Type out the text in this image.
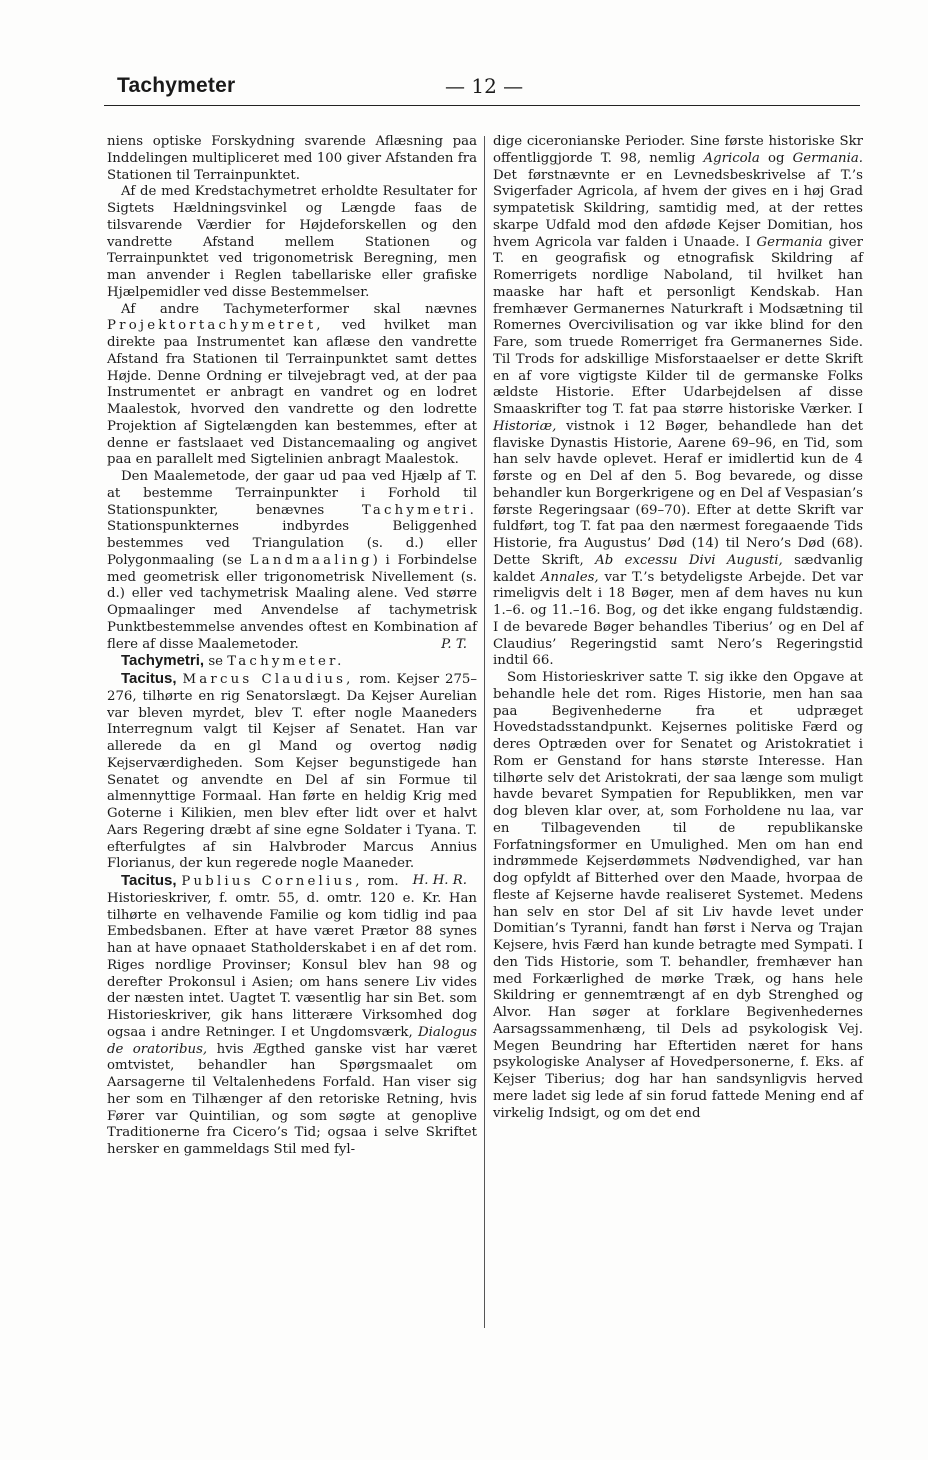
Tachymeter	— 12 —

niens optiske Forskydning svarende Aflæsning paa Inddelingen multipliceret med 100 giver Afstanden fra Stationen til Terrainpunktet.

Af de med Kredstachymetret erholdte Resultater for Sigtets Hældningsvinkel og Længde faas de tilsvarende Værdier for Højdeforskellen og den vandrette Afstand mellem Stationen og Terrainpunktet ved trigonometrisk Beregning, men man anvender i Reglen tabellariske eller grafiske Hjælpemidler ved disse Bestemmelser.

Af andre Tachymeterformer skal nævnes Projektortachymetret, ved hvilket man direkte paa Instrumentet kan aflæse den vandrette Afstand fra Stationen til Terrainpunktet samt dettes Højde. Denne Ordning er tilvejebragt ved, at der paa Instrumentet er anbragt en vandret og en lodret Maalestok, hvorved den vandrette og den lodrette Projektion af Sigtelængden kan bestemmes, efter at denne er fastslaaet ved Distancemaaling og angivet paa en parallelt med Sigtelinien anbragt Maalestok.

Den Maalemetode, der gaar ud paa ved Hjælp af T. at bestemme Terrainpunkter i Forhold til Stationspunkter, benævnes	Tachymetri. Stationspunkternes indbyrdes Beliggenhed bestemmes ved Triangulation (s. d.) eller Polygonmaaling (se Landmaaling) i Forbindelse med geometrisk eller trigonometrisk Nivellement (s. d.) eller ved tachymetrisk Maaling alene. Ved større Opmaalinger med Anvendelse af tachymetrisk Punktbestemmelse anvendes oftest en Kombination af flere af disse Maalemetoder.	P. T.

Tachymetri, se Tachymeter.

Tacitus, Marcus Claudius, rom. Kejser 275–276, tilhørte en rig Senatorslægt. Da Kejser Aurelian var bleven myrdet, blev T. efter nogle Maaneders Interregnum valgt til Kejser af Senatet. Han var allerede da en gl Mand og overtog nødig Kejserværdigheden. Som Kejser begunstigede han Senatet og anvendte en Del af sin Formue til almennyttige Formaal. Han førte en heldig Krig med Goterne i Kilikien, men blev efter lidt over et halvt Aars Regering dræbt af sine egne Soldater i Tyana. T. efterfulgtes af sin Halvbroder Marcus Annius Florianus, der kun regerede nogle Maaneder.
H. H. R.

Tacitus, Publius Cornelius, rom. Historieskriver, f. omtr. 55, d. omtr. 120 e. Kr. Han tilhørte en velhavende Familie og kom tidlig ind paa Embedsbanen. Efter at have været Prætor 88 synes han at have opnaaet Statholderskabet i en af det rom. Riges nordlige Provinser; Konsul blev han 98 og derefter Prokonsul i Asien; om hans senere Liv vides der næsten intet. Uagtet T. væsentlig har sin Bet. som Historieskriver, gik hans litterære Virksomhed dog ogsaa i andre Retninger. I et Ungdomsværk, Dialogus de oratoribus, hvis Ægthed ganske vist har været omtvistet, behandler han Spørgsmaalet om Aarsagerne til Veltalenhedens Forfald. Han viser sig her som en Tilhænger af den retoriske Retning, hvis Fører var Quintilian, og som søgte at genoplive Traditionerne fra Cicero’s Tid; ogsaa i selve Skriftet hersker en gammeldags Stil med fyl-

dige ciceronianske Perioder. Sine første historiske Skr offentliggjorde T. 98, nemlig Agricola og Germania. Det førstnævnte er en Levnedsbeskrivelse af T.’s Svigerfader Agricola, af hvem der gives en i høj Grad sympatetisk Skildring, samtidig med, at der rettes skarpe Udfald mod den afdøde Kejser Domitian, hos hvem Agricola var falden i Unaade. I Germania giver T. en geografisk og etnografisk Skildring af Romerrigets nordlige Naboland, til hvilket han maaske har haft et personligt Kendskab. Han fremhæver Germanernes Naturkraft i Modsætning til Romernes Overcivilisation og var ikke blind for den Fare, som truede Romerriget fra Germanernes Side. Til Trods for adskillige Misforstaaelser er dette Skrift en af vore vigtigste Kilder til de germanske Folks ældste Historie. Efter Udarbejdelsen af disse Smaaskrifter tog T. fat paa større historiske Værker. I Historiæ, vistnok i 12 Bøger, behandlede han det flaviske Dynastis Historie, Aarene 69–96, en Tid, som han selv havde oplevet. Heraf er imidlertid kun de 4 første og en Del af den 5. Bog bevarede, og disse behandler kun Borgerkrigene og en Del af Vespasian’s første Regeringsaar (69–70). Efter at dette Skrift var fuldført, tog T. fat paa den nærmest foregaaende Tids Historie, fra Augustus’ Død (14) til Nero’s Død (68). Dette Skrift, Ab excessu Divi Augusti, sædvanlig kaldet Annales, var T.’s betydeligste Arbejde. Det var rimeligvis delt i 18 Bøger, men af dem haves nu kun 1.–6. og 11.–16. Bog, og det ikke engang fuldstændig. I de bevarede Bøger behandles Tiberius’ og en Del af Claudius’ Regeringstid samt Nero’s Regeringstid indtil 66.

Som Historieskriver satte T. sig ikke den Opgave at behandle hele det rom. Riges Historie, men han saa paa Begivenhederne fra et udpræget Hovedstadsstandpunkt. Kejsernes politiske Færd og deres Optræden over for Senatet og Aristokratiet i Rom er Genstand for hans største Interesse. Han tilhørte selv det Aristokrati, der saa længe som muligt havde bevaret Sympatien for Republikken, men var dog bleven klar over, at, som Forholdene nu laa, var en Tilbagevenden til de republikanske Forfatningsformer en Umulighed. Men om han end indrømmede Kejserdømmets Nødvendighed, var han dog opfyldt af Bitterhed over den Maade, hvorpaa de fleste af Kejserne havde realiseret Systemet. Medens han selv en stor Del af sit Liv havde levet under Domitian’s Tyranni, fandt han først i Nerva og Trajan Kejsere, hvis Færd han kunde betragte med Sympati. I den Tids Historie, som T. behandler, fremhæver han med Forkærlighed de mørke Træk, og hans hele Skildring er gennemtrængt af en dyb Strenghed og Alvor. Han søger at forklare Begivenhedernes Aarsagssammenhæng, til Dels ad psykologisk Vej. Megen Beundring har Eftertiden næret for hans psykologiske Analyser af Hovedpersonerne, f. Eks. af Kejser Tiberius; dog har han sandsynligvis herved mere ladet sig lede af sin forud fattede Mening end af virkelig Indsigt, og om det end
